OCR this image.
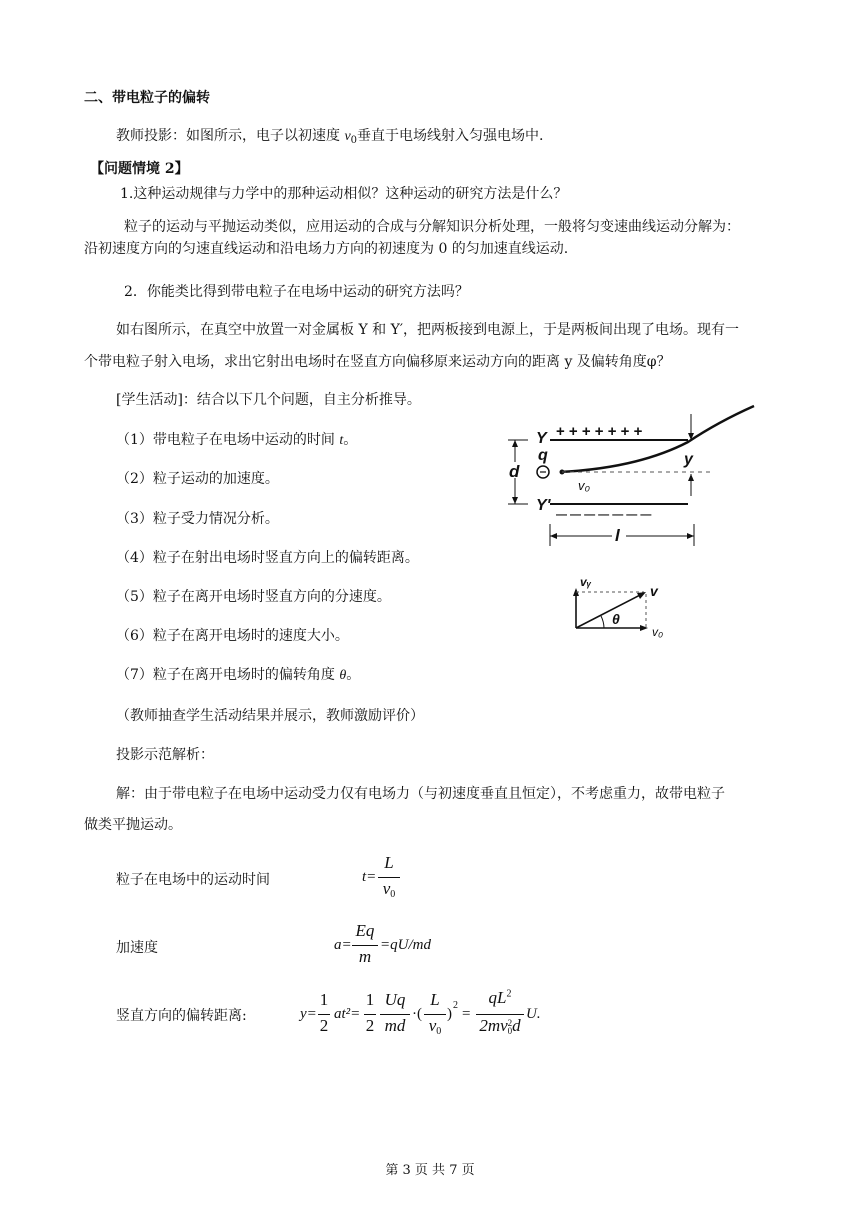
二、带电粒子的偏转
教师投影：如图所示，电子以初速度 $v_0$垂直于电场线射入匀强电场中.
【问题情境 2】
1.这种运动规律与力学中的那种运动相似？这种运动的研究方法是什么？
粒子的运动与平抛运动类似，应用运动的合成与分解知识分析处理，一般将匀变速曲线运动分解为：
沿初速度方向的匀速直线运动和沿电场力方向的初速度为 0 的匀加速直线运动.
2．你能类比得到带电粒子在电场中运动的研究方法吗？
如右图所示，在真空中放置一对金属板 Y 和 Y′，把两板接到电源上，于是两板间出现了电场。现有一
个带电粒子射入电场，求出它射出电场时在竖直方向偏移原来运动方向的距离 y 及偏转角度φ？
[学生活动]：结合以下几个问题，自主分析推导。
（1）带电粒子在电场中运动的时间 t。
（2）粒子运动的加速度。
（3）粒子受力情况分析。
（4）粒子在射出电场时竖直方向上的偏转距离。
（5）粒子在离开电场时竖直方向的分速度。
（6）粒子在离开电场时的速度大小。
（7）粒子在离开电场时的偏转角度 θ。
（教师抽查学生活动结果并展示，教师激励评价）
投影示范解析：
解：由于带电粒子在电场中运动受力仅有电场力（与初速度垂直且恒定），不考虑重力，故带电粒子
做类平抛运动。
+ + + + + + +
Y
— — — — — — —
Y'
d
q	y
v₀
l
vᵧ
v
θ
v₀
粒子在电场中的运动时间	t=
L
$v_0$
加速度	a=
Eq
m
=qU/md
竖直方向的偏转距离:	y=
1
2
at²=
1
2
Uq
md
·(
L
$v_0$
)
2
=
$qL^2$
2mv 2
0 d
U.
第 3 页 共 7 页
